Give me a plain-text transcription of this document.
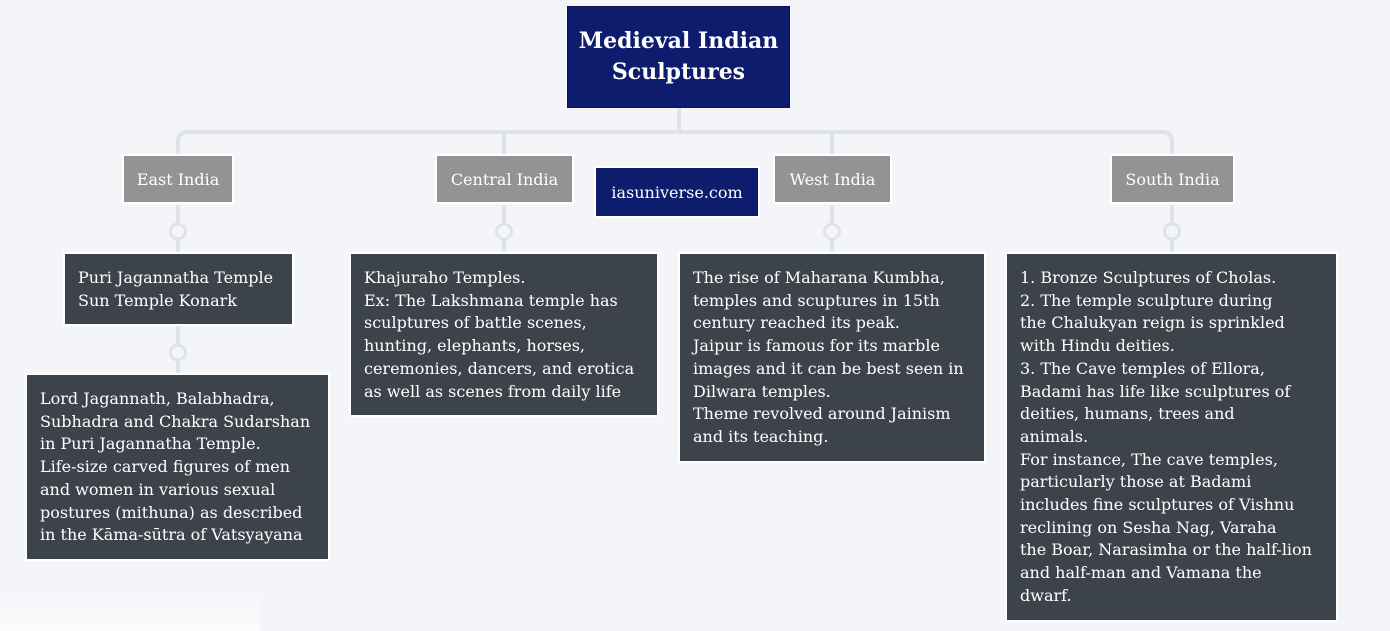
Medieval Indian
Sculptures
East India	Central India	West India	South India
iasuniverse.com
Puri Jagannatha Temple
Sun Temple Konark
Lord Jagannath, Balabhadra,
Subhadra and Chakra Sudarshan
in Puri Jagannatha Temple.
Life-size carved figures of men
and women in various sexual
postures (mithuna) as described
in the Kāma-sūtra of Vatsyayana
Khajuraho Temples.
Ex: The Lakshmana temple has
sculptures of battle scenes,
hunting, elephants, horses,
ceremonies, dancers, and erotica
as well as scenes from daily life
The rise of Maharana Kumbha,
temples and scuptures in 15th
century reached its peak.
Jaipur is famous for its marble
images and it can be best seen in
Dilwara temples.
Theme revolved around Jainism
and its teaching.
1. Bronze Sculptures of Cholas.
2. The temple sculpture during
the Chalukyan reign is sprinkled
with Hindu deities.
3. The Cave temples of Ellora,
Badami has life like sculptures of
deities, humans, trees and
animals.
For instance, The cave temples,
particularly those at Badami
includes fine sculptures of Vishnu
reclining on Sesha Nag, Varaha
the Boar, Narasimha or the half-lion
and half-man and Vamana the
dwarf.
